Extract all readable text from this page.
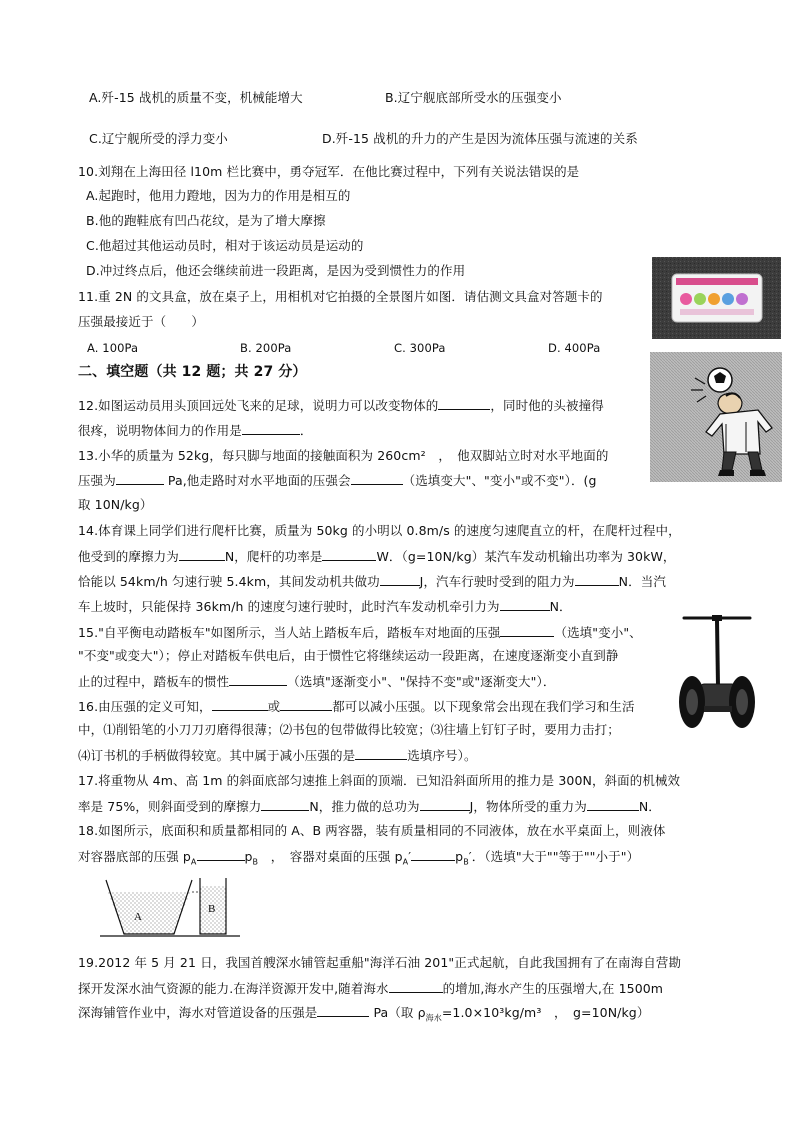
A.歼-15 战机的质量不变，机械能增大	B.辽宁舰底部所受水的压强变小
C.辽宁舰所受的浮力变小	D.歼-15 战机的升力的产生是因为流体压强与流速的关系
10.刘翔在上海田径 l10m 栏比赛中，勇夺冠军．在他比赛过程中，下列有关说法错误的是
A.起跑时，他用力蹬地，因为力的作用是相互的
B.他的跑鞋底有凹凸花纹，是为了增大摩擦
C.他超过其他运动员时，相对于该运动员是运动的
D.冲过终点后，他还会继续前进一段距离，是因为受到惯性力的作用
11.重 2N 的文具盒，放在桌子上，用相机对它拍摄的全景图片如图．请估测文具盒对答题卡的
压强最接近于（　　）
A. 100Pa	B. 200Pa	C. 300Pa	D. 400Pa
二、填空题（共 12 题；共 27 分）
12.如图运动员用头顶回远处飞来的足球，说明力可以改变物体的	，同时他的头被撞得
很疼，说明物体间力的作用是	．
13.小华的质量为 52kg，每只脚与地面的接触面积为 260cm²　，　他双脚站立时对水平地面的
压强为	Pa,他走路时对水平地面的压强会	（选填变大"、"变小"或不变"）．(g
取 10N/kg）
14.体育课上同学们进行爬杆比赛，质量为 50kg 的小明以 0.8m/s 的速度匀速爬直立的杆，在爬杆过程中，
他受到的摩擦力为	N，爬杆的功率是	W．（g=10N/kg）某汽车发动机输出功率为 30kW，
恰能以 54km/h 匀速行驶 5.4km，其间发动机共做功	J，汽车行驶时受到的阻力为	N．当汽
车上坡时，只能保持 36km/h 的速度匀速行驶时，此时汽车发动机牵引力为	N．
15."自平衡电动踏板车"如图所示，当人站上踏板车后，踏板车对地面的压强	（选填"变小"、
"不变"或变大"）；停止对踏板车供电后，由于惯性它将继续运动一段距离，在速度逐渐变小直到静
止的过程中，踏板车的惯性	（选填"逐渐变小"、"保持不变"或"逐渐变大"）．
16.由压强的定义可知，	或	都可以减小压强。以下现象常会出现在我们学习和生活
中，⑴削铅笔的小刀刀刃磨得很薄；⑵书包的包带做得比较宽；⑶往墙上钉钉子时，要用力击打；
⑷订书机的手柄做得较宽。其中属于减小压强的是	选填序号）。
17.将重物从 4m、高 1m 的斜面底部匀速推上斜面的顶端．已知沿斜面所用的推力是 300N，斜面的机械效
率是 75%，则斜面受到的摩擦力	N，推力做的总功为	J，物体所受的重力为	N．
18.如图所示，底面积和质量都相同的 A、B 两容器，装有质量相同的不同液体，放在水平桌面上，则液体
对容器底部的压强 $p_A$	$p_B$　，　容器对桌面的压强 $p_A'$	$p_B'$．（选填"大于""等于""小于"）
A
B
19.2012 年 5 月 21 日，我国首艘深水铺管起重船"海洋石油 201"正式起航，自此我国拥有了在南海自营勘
探开发深水油气资源的能力.在海洋资源开发中,随着海水	的增加,海水产生的压强增大,在 1500m
深海铺管作业中，海水对管道设备的压强是	Pa（取 $\rho_{海水}=1.0\times 10^3kg/m^3$　，　g=10N/kg）
